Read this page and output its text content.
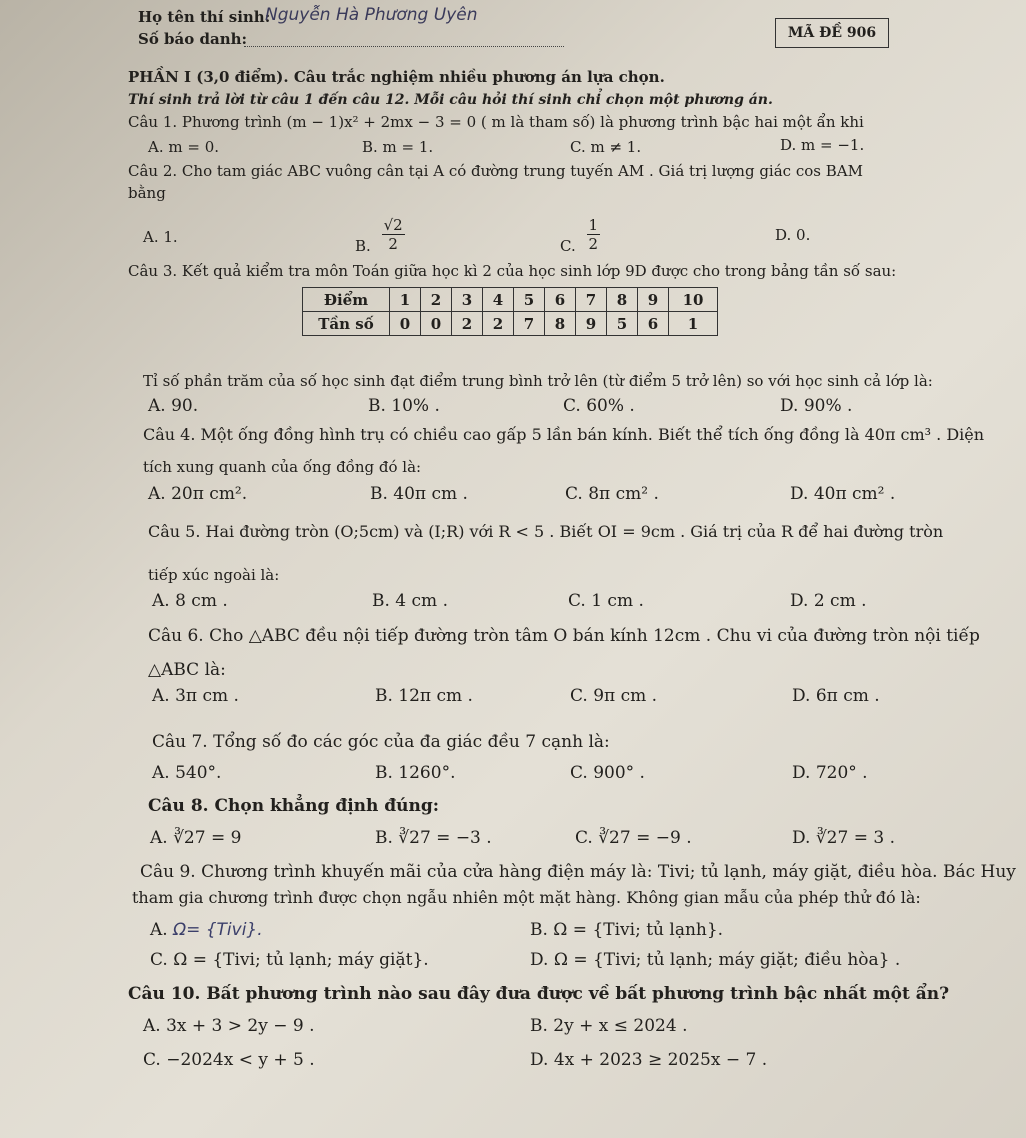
Họ tên thí sinh:
Nguyễn Hà Phương Uyên
Số báo danh:	MÃ ĐỀ 906
PHẦN I (3,0 điểm). Câu trắc nghiệm nhiều phương án lựa chọn.
Thí sinh trả lời từ câu 1 đến câu 12. Mỗi câu hỏi thí sinh chỉ chọn một phương án.
Câu 1. Phương trình (m − 1)x² + 2mx − 3 = 0 ( m là tham số) là phương trình bậc hai một ẩn khi
A. m = 0.	B. m = 1.	C. m ≠ 1.	D. m = −1.
Câu 2. Cho tam giác ABC vuông cân tại A có đường trung tuyến AM . Giá trị lượng giác cos BAM
bằng
A. 1.	B. $\frac{√2}{2}$	C. $\frac{1}{2}$	D. 0.
Câu 3. Kết quả kiểm tra môn Toán giữa học kì 2 của học sinh lớp 9D được cho trong bảng tần số sau:
Điểm	1	2	3	4	5	6	7	8	9	10
Tần số	0	0	2	2	7	8	9	5	6	1
Tỉ số phần trăm của số học sinh đạt điểm trung bình trở lên (từ điểm 5 trở lên) so với học sinh cả lớp là:
A. 90.	B. 10% .	C. 60% .	D. 90% .
Câu 4. Một ống đồng hình trụ có chiều cao gấp 5 lần bán kính. Biết thể tích ống đồng là 40π cm³ . Diện
tích xung quanh của ống đồng đó là:
A. 20π cm².	B. 40π cm .	C. 8π cm² .	D. 40π cm² .
Câu 5. Hai đường tròn (O;5cm) và (I;R) với R < 5 . Biết OI = 9cm . Giá trị của R để hai đường tròn
tiếp xúc ngoài là:
A. 8 cm .	B. 4 cm .	C. 1 cm .	D. 2 cm .
Câu 6. Cho △ABC đều nội tiếp đường tròn tâm O bán kính 12cm . Chu vi của đường tròn nội tiếp
△ABC là:
A. 3π cm .	B. 12π cm .	C. 9π cm .	D. 6π cm .
Câu 7. Tổng số đo các góc của đa giác đều 7 cạnh là:
A. 540°.	B. 1260°.	C. 900° .	D. 720° .
Câu 8. Chọn khẳng định đúng:
A. ∛27 = 9	B. ∛27 = −3 .	C. ∛27 = −9 .	D. ∛27 = 3 .
Câu 9. Chương trình khuyến mãi của cửa hàng điện máy là: Tivi; tủ lạnh, máy giặt, điều hòa. Bác Huy
tham gia chương trình được chọn ngẫu nhiên một mặt hàng. Không gian mẫu của phép thử đó là:
A. Ω= {Tivi}.	B. Ω = {Tivi; tủ lạnh}.
C. Ω = {Tivi; tủ lạnh; máy giặt}.	D. Ω = {Tivi; tủ lạnh; máy giặt; điều hòa} .
Câu 10. Bất phương trình nào sau đây đưa được về bất phương trình bậc nhất một ẩn?
A. 3x + 3 > 2y − 9 .	B. 2y + x ≤ 2024 .
C. −2024x < y + 5 .	D. 4x + 2023 ≥ 2025x − 7 .
